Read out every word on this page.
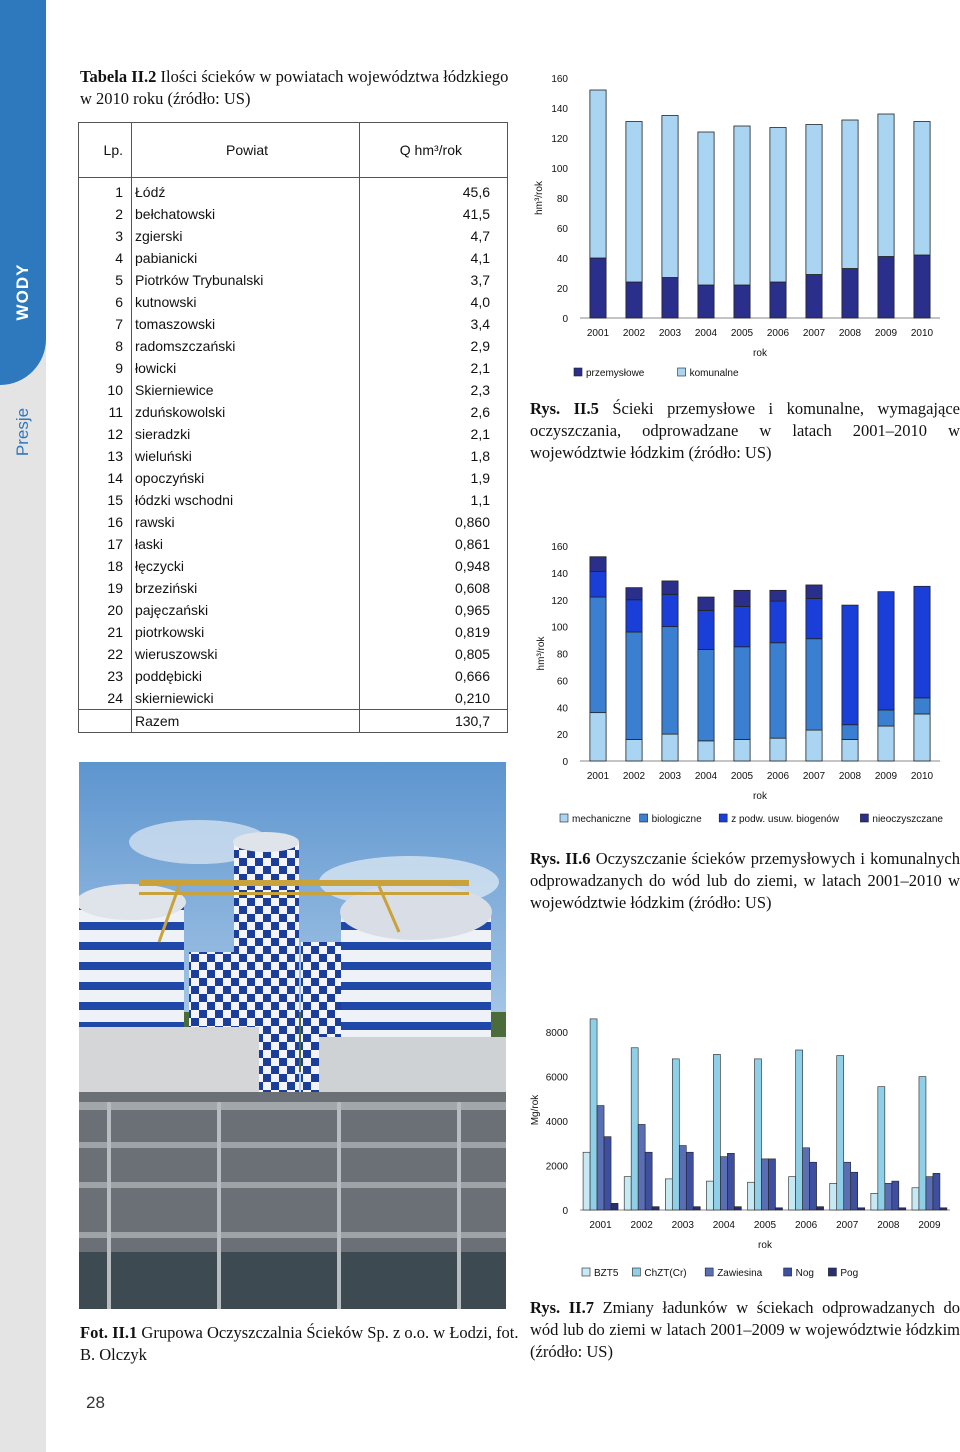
WODY
Presje
Tabela II.2 Ilości ścieków w powiatach województwa łódzkiego w 2010 roku (źródło: US)
Lp.	Powiat	Q hm³/rok
1 Łódź	45,6
2 bełchatowski	41,5
3 zgierski	4,7
4 pabianicki	4,1
5 Piotrków Trybunalski	3,7
6 kutnowski	4,0
7 tomaszowski	3,4
8 radomszczański	2,9
9 łowicki	2,1
10 Skierniewice	2,3
11 zduńskowolski	2,6
12 sieradzki	2,1
13 wieluński	1,8
14 opoczyński	1,9
15 łódzki wschodni	1,1
16 rawski	0,860
17 łaski	0,861
18 łęczycki	0,948
19 brzeziński	0,608
20 pajęczański	0,965
21 piotrkowski	0,819
22 wieruszowski	0,805
23 poddębicki	0,666
24 skierniewicki	0,210
Razem	130,7
Fot. II.1 Grupowa Oczyszczalnia Ścieków Sp. z o.o. w Łodzi, fot. B. Olczyk
0
20
40
60
80
100
120
140
160
hm³/rok
2001 2002 2003 2004 2005 2006 2007 2008 2009 2010
rok
przemysłowe	komunalne
Rys. II.5 Ścieki przemysłowe i komunalne, wymagające oczyszczania, odprowadzane w latach 2001–2010 w województwie łódzkim (źródło: US)
0
20
40
60
80
100
120
140
160
hm³/rok
2001 2002 2003 2004 2005 2006 2007 2008 2009 2010
rok
mechaniczne biologiczne	z podw. usuw. biogenów	nieoczyszczane
Rys. II.6 Oczyszczanie ścieków przemysłowych i komunalnych odprowadzanych do wód lub do ziemi, w latach 2001–2010 w województwie łódzkim (źródło: US)
0
2000
4000
6000
8000
Mg/rok
2001 2002 2003 2004 2005 2006 2007 2008 2009
rok
BZT5	ChZT(Cr)	Zawiesina	Nog	Pog
Rys. II.7 Zmiany ładunków w ściekach odprowadzanych do wód lub do ziemi w latach 2001–2009 w województwie łódzkim (źródło: US)
28
